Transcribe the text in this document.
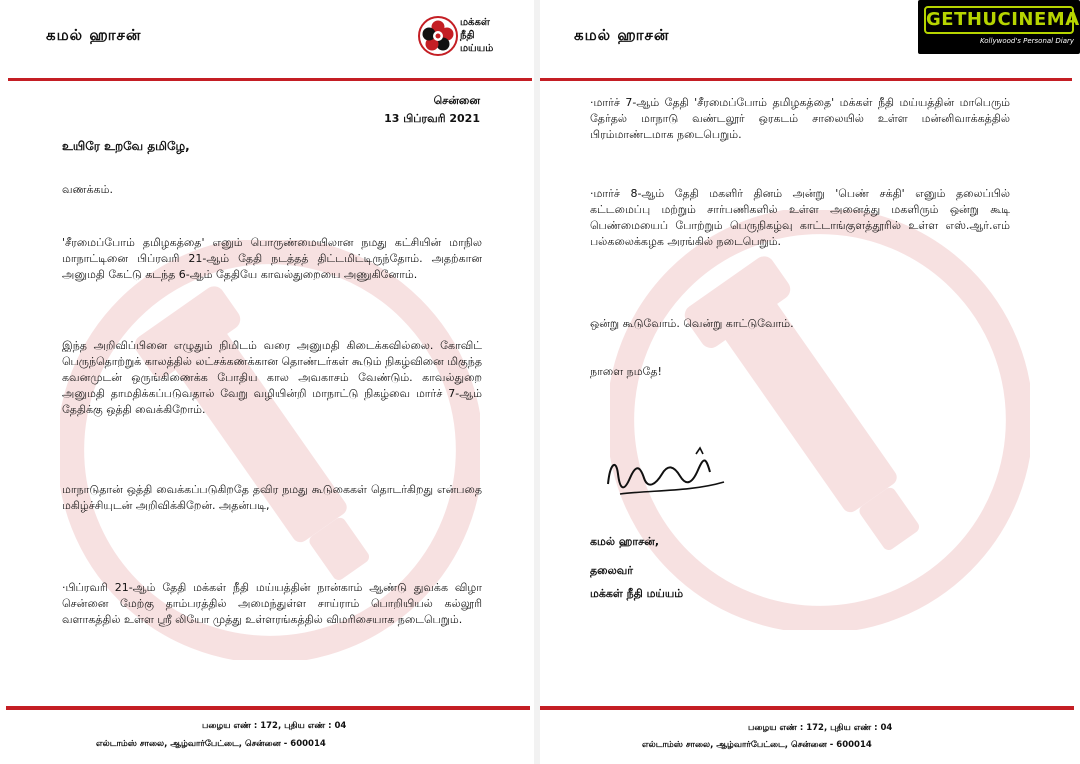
கமல் ஹாசன்
மக்கள்
நீதி
மய்யம்
சென்னை
13 பிப்ரவரி 2021
உயிரே உறவே தமிழே,
வணக்கம்.
'சீரமைப்போம் தமிழகத்தை' எனும் பொருண்மையிலான நமது கட்சியின் மாநில மாநாட்டினை பிப்ரவரி 21-ஆம் தேதி நடத்தத் திட்டமிட்டிருந்தோம். அதற்கான அனுமதி கேட்டு கடந்த 6-ஆம் தேதியே காவல்துறையை அணுகினோம்.
இந்த அறிவிப்பினை எழுதும் நிமிடம் வரை அனுமதி கிடைக்கவில்லை. கோவிட் பெருந்தொற்றுக் காலத்தில் லட்சக்கணக்கான தொண்டர்கள் கூடும் நிகழ்வினை மிகுந்த கவனமுடன் ஒருங்கிணைக்க போதிய கால அவகாசம் வேண்டும். காவல்துறை அனுமதி தாமதிக்கப்படுவதால் வேறு வழியின்றி மாநாட்டு நிகழ்வை மார்ச் 7-ஆம் தேதிக்கு ஒத்தி வைக்கிறோம்.
மாநாடுதான் ஒத்தி வைக்கப்படுகிறதே தவிர நமது கூடுகைகள் தொடர்கிறது என்பதை மகிழ்ச்சியுடன் அறிவிக்கிறேன். அதன்படி,
·பிப்ரவரி 21-ஆம் தேதி மக்கள் நீதி மய்யத்தின் நான்காம் ஆண்டு துவக்க விழா சென்னை மேற்கு தாம்பரத்தில் அமைந்துள்ள சாய்ராம் பொறியியல் கல்லூரி வளாகத்தில் உள்ள ஸ்ரீ லியோ முத்து உள்ளரங்கத்தில் விமரிசையாக நடைபெறும்.
பழைய எண் : 172, புதிய எண் : 04
எல்டாம்ஸ் சாலை, ஆழ்வார்பேட்டை, சென்னை - 600014
கமல் ஹாசன்
GETHUCINEMA
Kollywood's Personal Diary
·மார்ச் 7-ஆம் தேதி 'சீரமைப்போம் தமிழகத்தை' மக்கள் நீதி மய்யத்தின் மாபெரும் தேர்தல் மாநாடு வண்டலூர் ஒரகடம் சாலையில் உள்ள மன்னிவாக்கத்தில் பிரம்மாண்டமாக நடைபெறும்.
·மார்ச் 8-ஆம் தேதி மகளிர் தினம் அன்று 'பெண் சக்தி' எனும் தலைப்பில் கட்டமைப்பு மற்றும் சார்பணிகளில் உள்ள அனைத்து மகளிரும் ஒன்று கூடி பெண்மையைப் போற்றும் பெருநிகழ்வு காட்டாங்குளத்தூரில் உள்ள எஸ்.ஆர்.எம் பல்கலைக்கழக அரங்கில் நடைபெறும்.
ஒன்று கூடுவோம். வென்று காட்டுவோம்.
நாளை நமதே!
கமல் ஹாசன்,
தலைவர்
மக்கள் நீதி மய்யம்
பழைய எண் : 172, புதிய எண் : 04
எல்டாம்ஸ் சாலை, ஆழ்வார்பேட்டை, சென்னை - 600014
